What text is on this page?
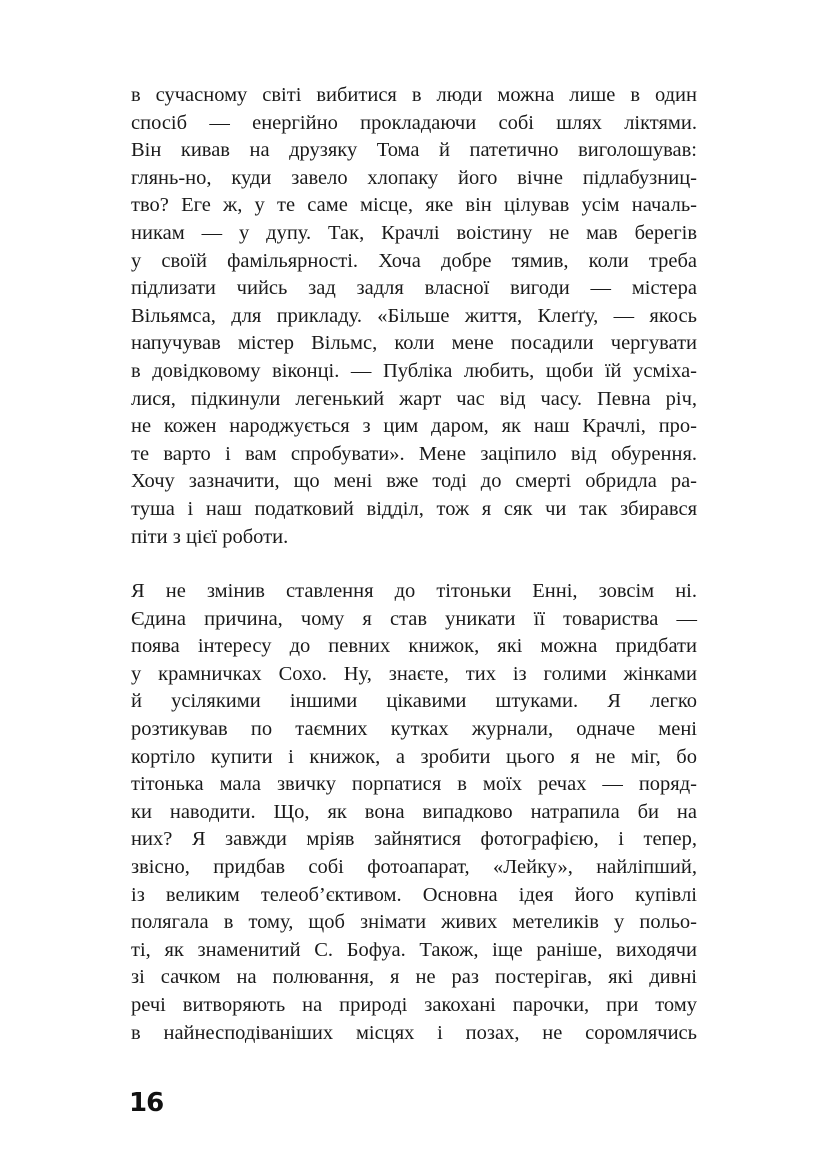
в сучасному світі вибитися в люди можна лише в один
спосіб — енергійно прокладаючи собі шлях ліктями.
Він кивав на друзяку Тома й патетично виголошував:
глянь-но, куди завело хлопаку його вічне підлабузниц-
тво? Еге ж, у те саме місце, яке він цілував усім началь-
никам — у дупу. Так, Крачлі воістину не мав берегів
у своїй фамільярності. Хоча добре тямив, коли треба
підлизати чийсь зад задля власної вигоди — містера
Вільямса, для прикладу. «Більше життя, Клеґґу, — якось
напучував містер Вільмс, коли мене посадили чергувати
в довідковому віконці. — Публіка любить, щоби їй усміха-
лися, підкинули легенький жарт час від часу. Певна річ,
не кожен народжується з цим даром, як наш Крачлі, про-
те варто і вам спробувати». Мене заціпило від обурення.
Хочу зазначити, що мені вже тоді до смерті обридла ра-
туша і наш податковий відділ, тож я сяк чи так збирався
піти з цієї роботи.
Я не змінив ставлення до тітоньки Енні, зовсім ні.
Єдина причина, чому я став уникати її товариства —
поява інтересу до певних книжок, які можна придбати
у крамничках Сохо. Ну, знаєте, тих із голими жінками
й усілякими іншими цікавими штуками. Я легко
розтикував по таємних кутках журнали, одначе мені
кортіло купити і книжок, а зробити цього я не міг, бо
тітонька мала звичку порпатися в моїх речах — поряд-
ки наводити. Що, як вона випадково натрапила би на
них? Я завжди мріяв зайнятися фотографією, і тепер,
звісно, придбав собі фотоапарат, «Лейку», найліпший,
із великим телеоб’єктивом. Основна ідея його купівлі
полягала в тому, щоб знімати живих метеликів у польо-
ті, як знаменитий С. Бофуа. Також, іще раніше, виходячи
зі сачком на полювання, я не раз постерігав, які дивні
речі витворяють на природі закохані парочки, при тому
в найнесподіваніших місцях і позах, не соромлячись
16
